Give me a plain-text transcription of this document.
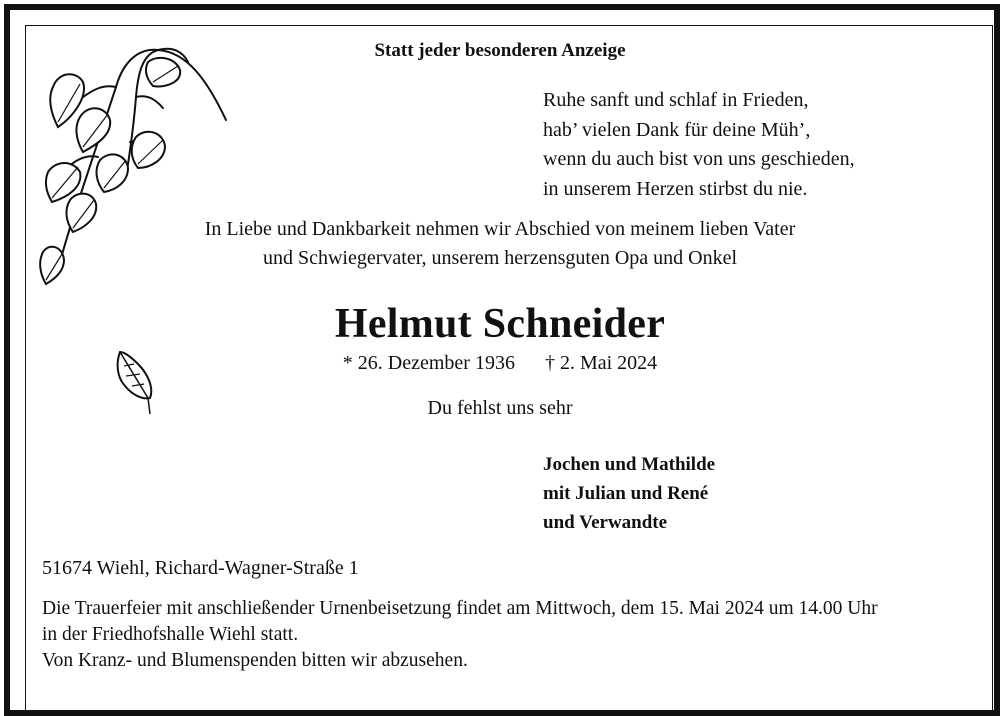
Statt jeder besonderen Anzeige
Ruhe sanft und schlaf in Frieden,
hab’ vielen Dank für deine Müh’,
wenn du auch bist von uns geschieden,
in unserem Herzen stirbst du nie.
In Liebe und Dankbarkeit nehmen wir Abschied von meinem lieben Vater
und Schwiegervater, unserem herzensguten Opa und Onkel
Helmut Schneider
* 26. Dezember 1936 † 2. Mai 2024
Du fehlst uns sehr
Jochen und Mathilde
mit Julian und René
und Verwandte
51674 Wiehl, Richard-Wagner-Straße 1
Die Trauerfeier mit anschließender Urnenbeisetzung findet am Mittwoch, dem 15. Mai 2024 um 14.00 Uhr
in der Friedhofshalle Wiehl statt.
Von Kranz- und Blumenspenden bitten wir abzusehen.
